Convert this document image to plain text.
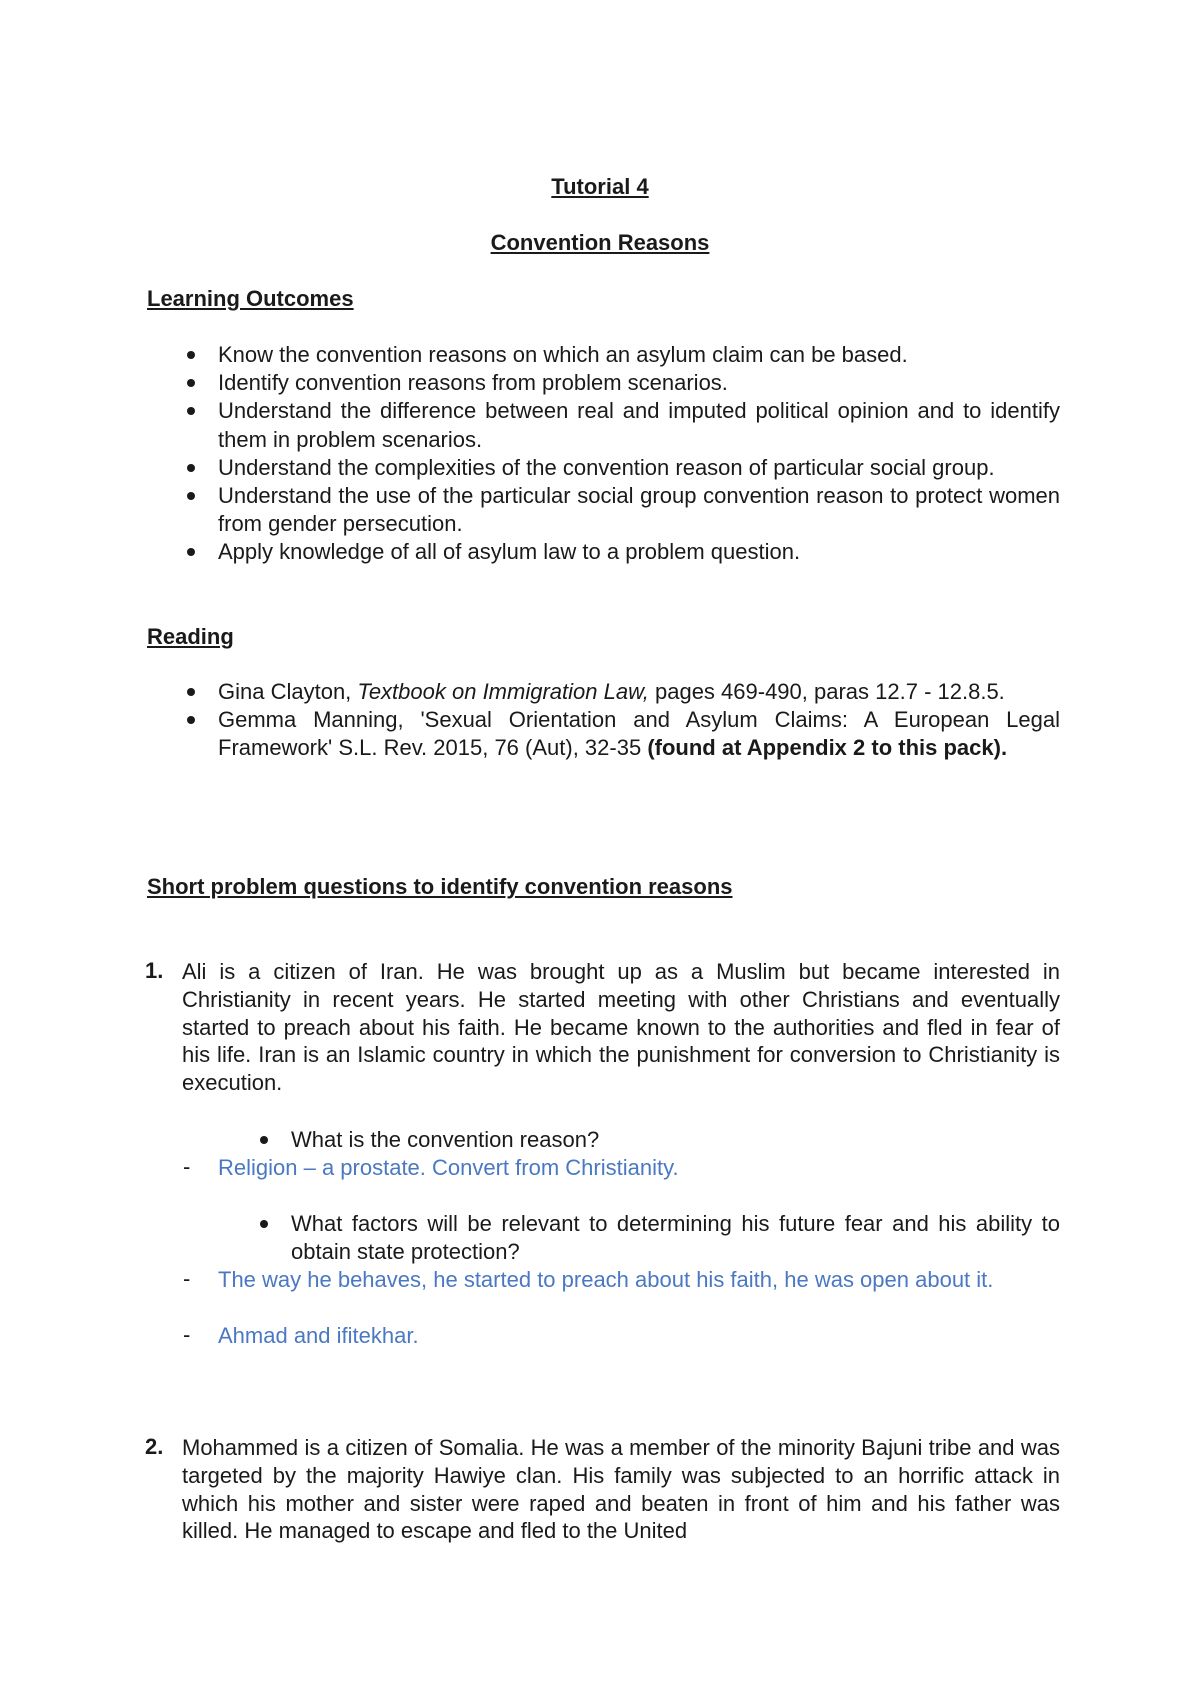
Tutorial 4
Convention Reasons
Learning Outcomes
Know the convention reasons on which an asylum claim can be based.
Identify convention reasons from problem scenarios.
Understand the difference between real and imputed political opinion and to identify them in problem scenarios.
Understand the complexities of the convention reason of particular social group.
Understand the use of the particular social group convention reason to protect women from gender persecution.
Apply knowledge of all of asylum law to a problem question.
Reading
Gina Clayton, Textbook on Immigration Law, pages 469-490, paras 12.7 - 12.8.5.
Gemma Manning, 'Sexual Orientation and Asylum Claims: A European Legal Framework' S.L. Rev. 2015, 76 (Aut), 32-35 (found at Appendix 2 to this pack).
Short problem questions to identify convention reasons
1. Ali is a citizen of Iran. He was brought up as a Muslim but became interested in Christianity in recent years. He started meeting with other Christians and eventually started to preach about his faith. He became known to the authorities and fled in fear of his life. Iran is an Islamic country in which the punishment for conversion to Christianity is execution.
What is the convention reason?
- Religion – a prostate. Convert from Christianity.
What factors will be relevant to determining his future fear and his ability to obtain state protection?
- The way he behaves, he started to preach about his faith, he was open about it.
- Ahmad and ifitekhar.
2. Mohammed is a citizen of Somalia. He was a member of the minority Bajuni tribe and was targeted by the majority Hawiye clan. His family was subjected to an horrific attack in which his mother and sister were raped and beaten in front of him and his father was killed. He managed to escape and fled to the United
